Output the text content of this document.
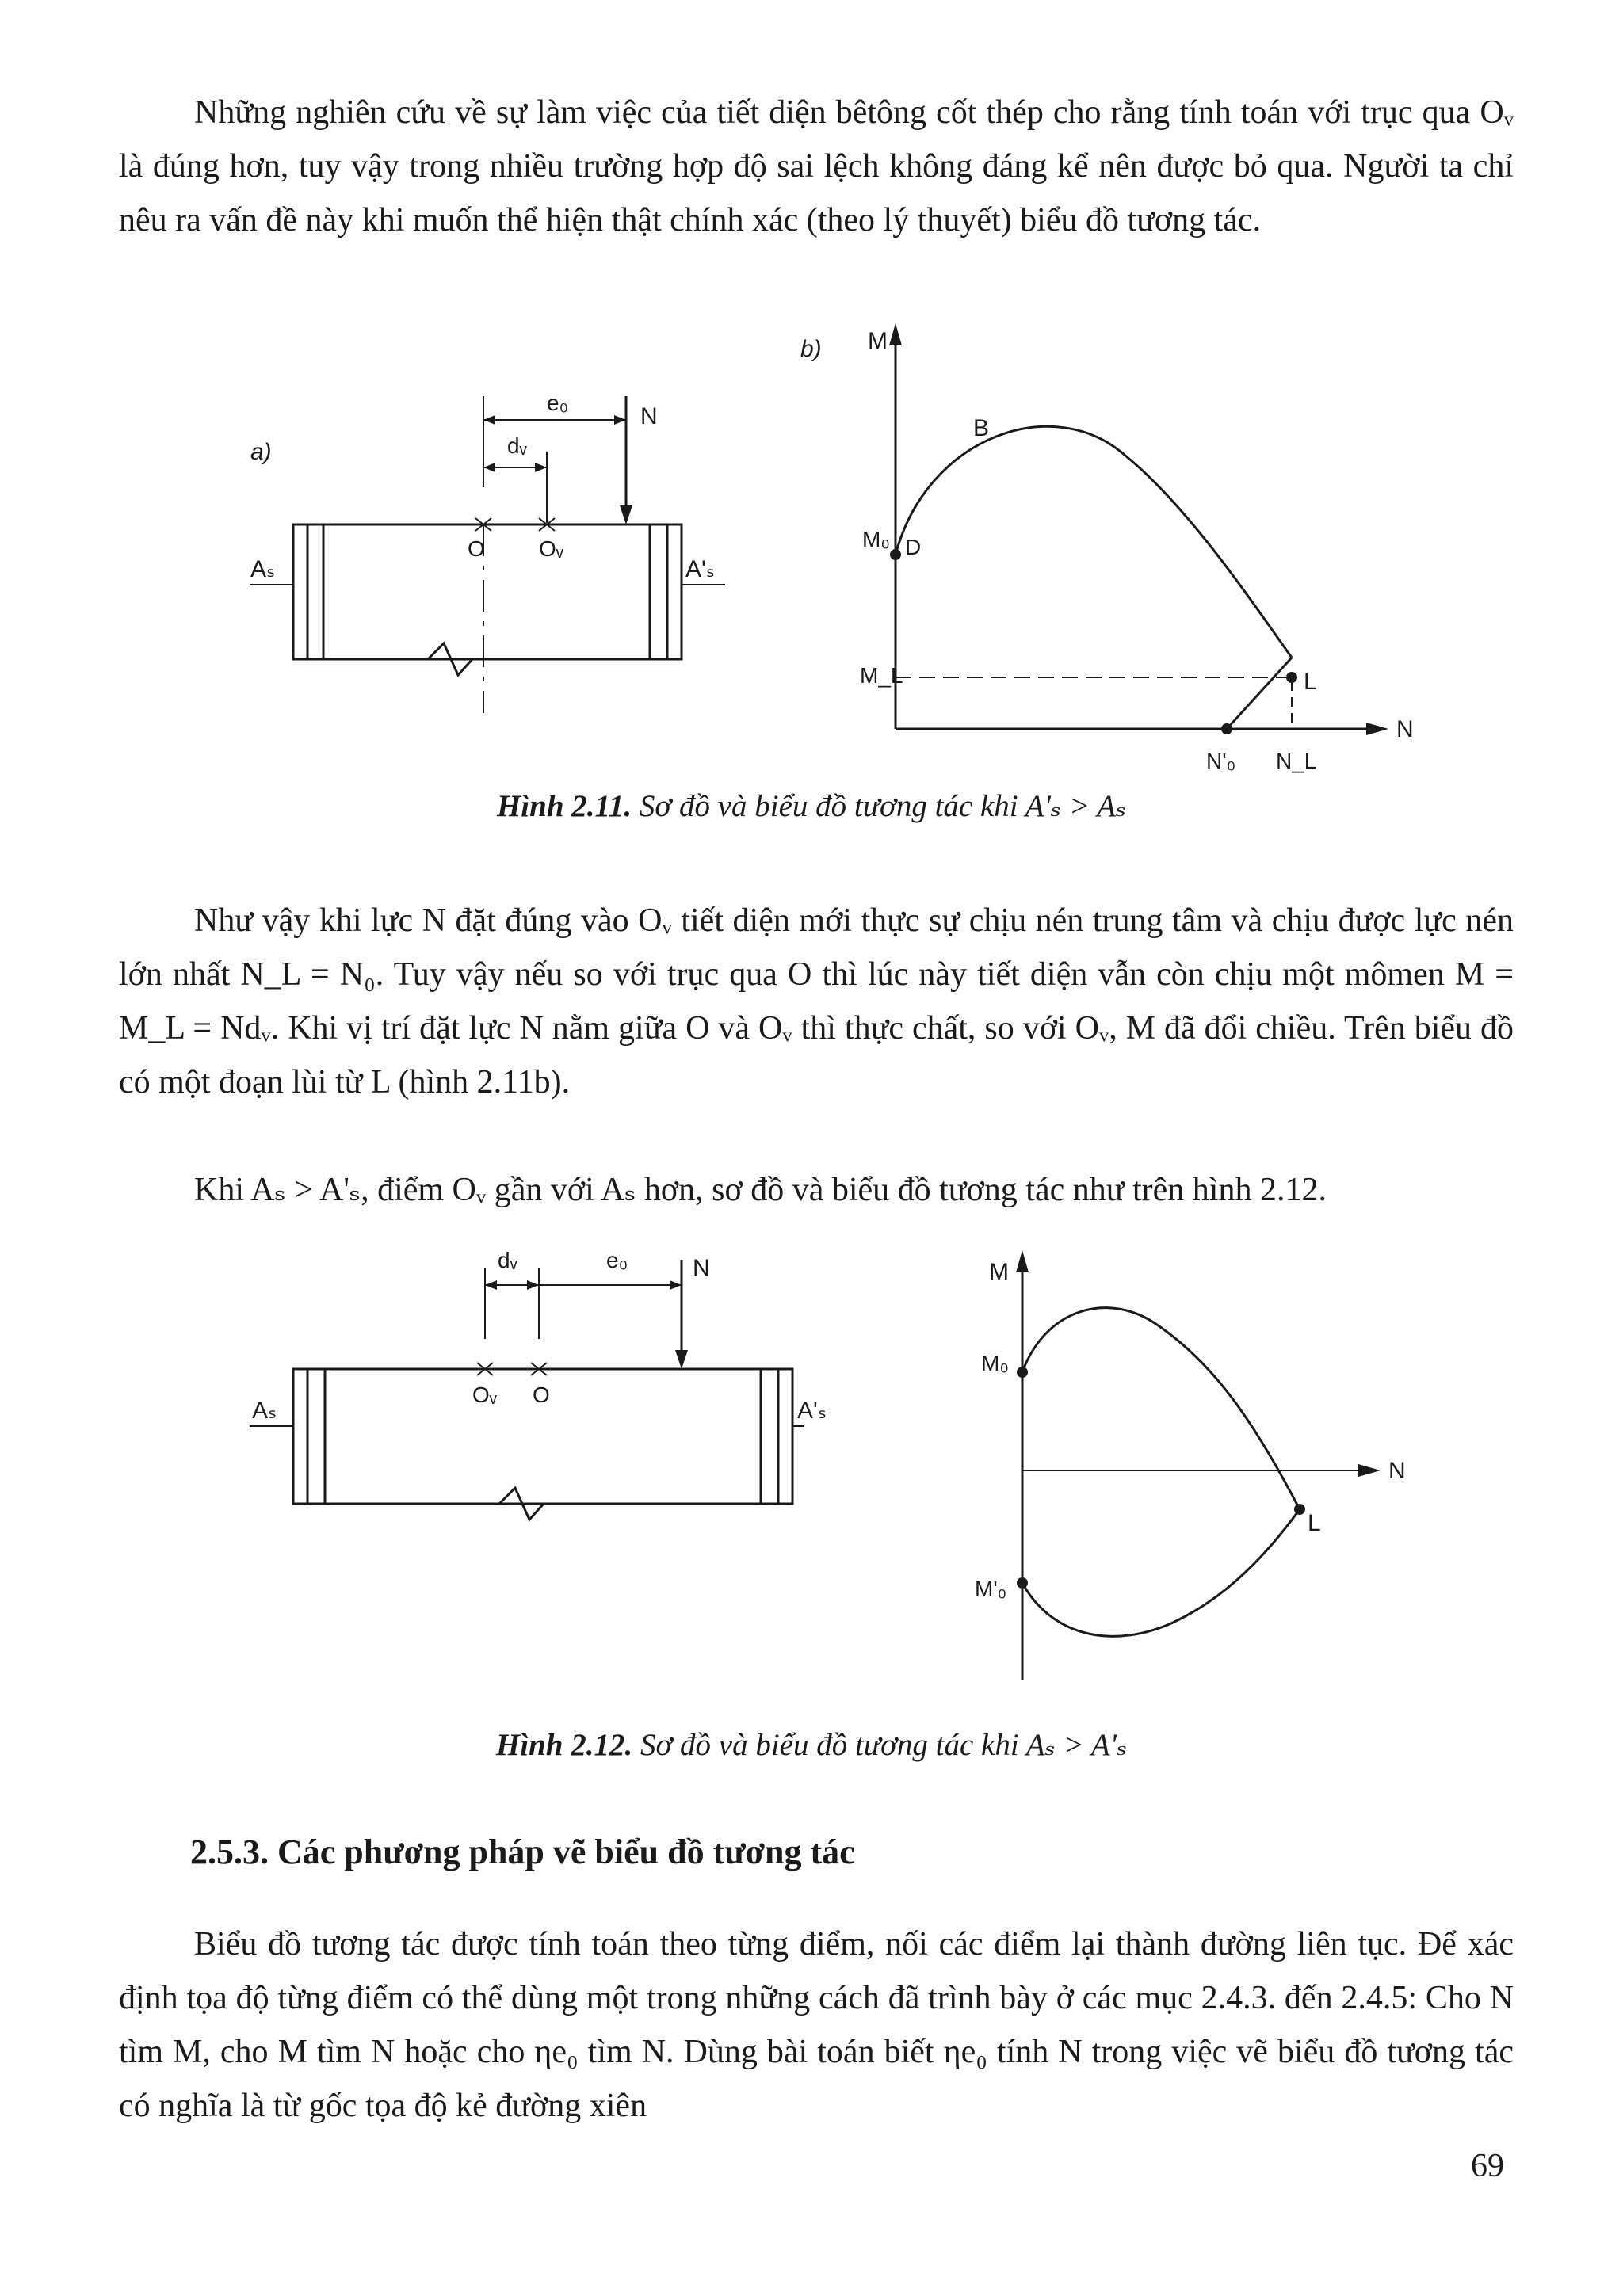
Những nghiên cứu về sự làm việc của tiết diện bêtông cốt thép cho rằng tính toán với trục qua Oᵥ là đúng hơn, tuy vậy trong nhiều trường hợp độ sai lệch không đáng kể nên được bỏ qua. Người ta chỉ nêu ra vấn đề này khi muốn thể hiện thật chính xác (theo lý thuyết) biểu đồ tương tác.

a)
e₀
dᵥ
N
O Oᵥ
Aₛ	A'ₛ
b) M
N
B
M₀ D
M_L	L
N'₀ N_L

Hình 2.11. Sơ đồ và biểu đồ tương tác khi A'ₛ > Aₛ

Như vậy khi lực N đặt đúng vào Oᵥ tiết diện mới thực sự chịu nén trung tâm và chịu được lực nén lớn nhất N_L = N₀. Tuy vậy nếu so với trục qua O thì lúc này tiết diện vẫn còn chịu một mômen M = M_L = Ndᵥ. Khi vị trí đặt lực N nằm giữa O và Oᵥ thì thực chất, so với Oᵥ, M đã đổi chiều. Trên biểu đồ có một đoạn lùi từ L (hình 2.11b).

Khi Aₛ > A'ₛ, điểm Oᵥ gần với Aₛ hơn, sơ đồ và biểu đồ tương tác như trên hình 2.12.

dᵥ	e₀	N
Oᵥ O
Aₛ	A'ₛ
M
N
M₀
L
M'₀

Hình 2.12. Sơ đồ và biểu đồ tương tác khi Aₛ > A'ₛ

2.5.3. Các phương pháp vẽ biểu đồ tương tác

Biểu đồ tương tác được tính toán theo từng điểm, nối các điểm lại thành đường liên tục. Để xác định tọa độ từng điểm có thể dùng một trong những cách đã trình bày ở các mục 2.4.3. đến 2.4.5: Cho N tìm M, cho M tìm N hoặc cho ηe₀ tìm N. Dùng bài toán biết ηe₀ tính N trong việc vẽ biểu đồ tương tác có nghĩa là từ gốc tọa độ kẻ đường xiên

69
